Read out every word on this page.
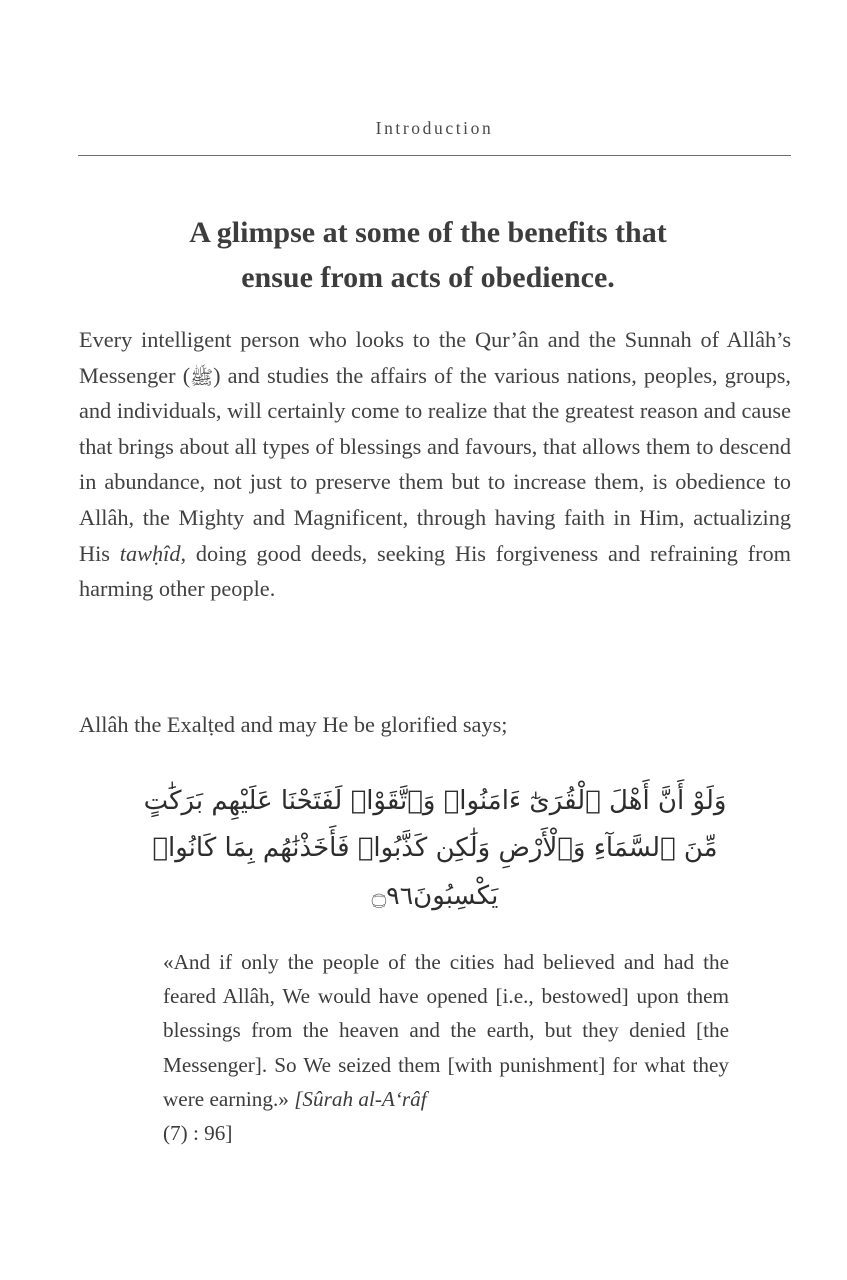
Introduction
A glimpse at some of the benefits that
ensue from acts of obedience.

Every intelligent person who looks to the Qur’ân and the Sunnah of Allâh’s Messenger (ﷺ) and studies the affairs of the various nations, peoples, groups, and individuals, will certainly come to realize that the greatest reason and cause that brings about all types of blessings and favours, that allows them to descend in abundance, not just to preserve them but to increase them, is obedience to Allâh, the Mighty and Magnificent, through having faith in Him, actualizing His tawḥîd, doing good deeds, seeking His forgiveness and refraining from harming other people.

Allâh the Exalṭed and may He be glorified says;
وَلَوْ أَنَّ أَهْلَ ٱلْقُرَىٰٓ ءَامَنُواۡ وَٱتَّقَوْاۡ لَفَتَحْنَا عَلَيْهِم بَرَكَٰتٍ
مِّنَ ٱلسَّمَآءِ وَٱلْأَرْضِ وَلَٰكِن كَذَّبُواۡ فَأَخَذْنَٰهُم بِمَا كَانُواۡ
يَكْسِبُونَ۝٩٦

«And if only the people of the cities had believed and had the feared Allâh, We would have opened [i.e., bestowed] upon them blessings from the heaven and the earth, but they denied [the Messenger]. So We seized them [with punishment] for what they were earning.» [Sûrah al-A‘râf

(7) : 96]
